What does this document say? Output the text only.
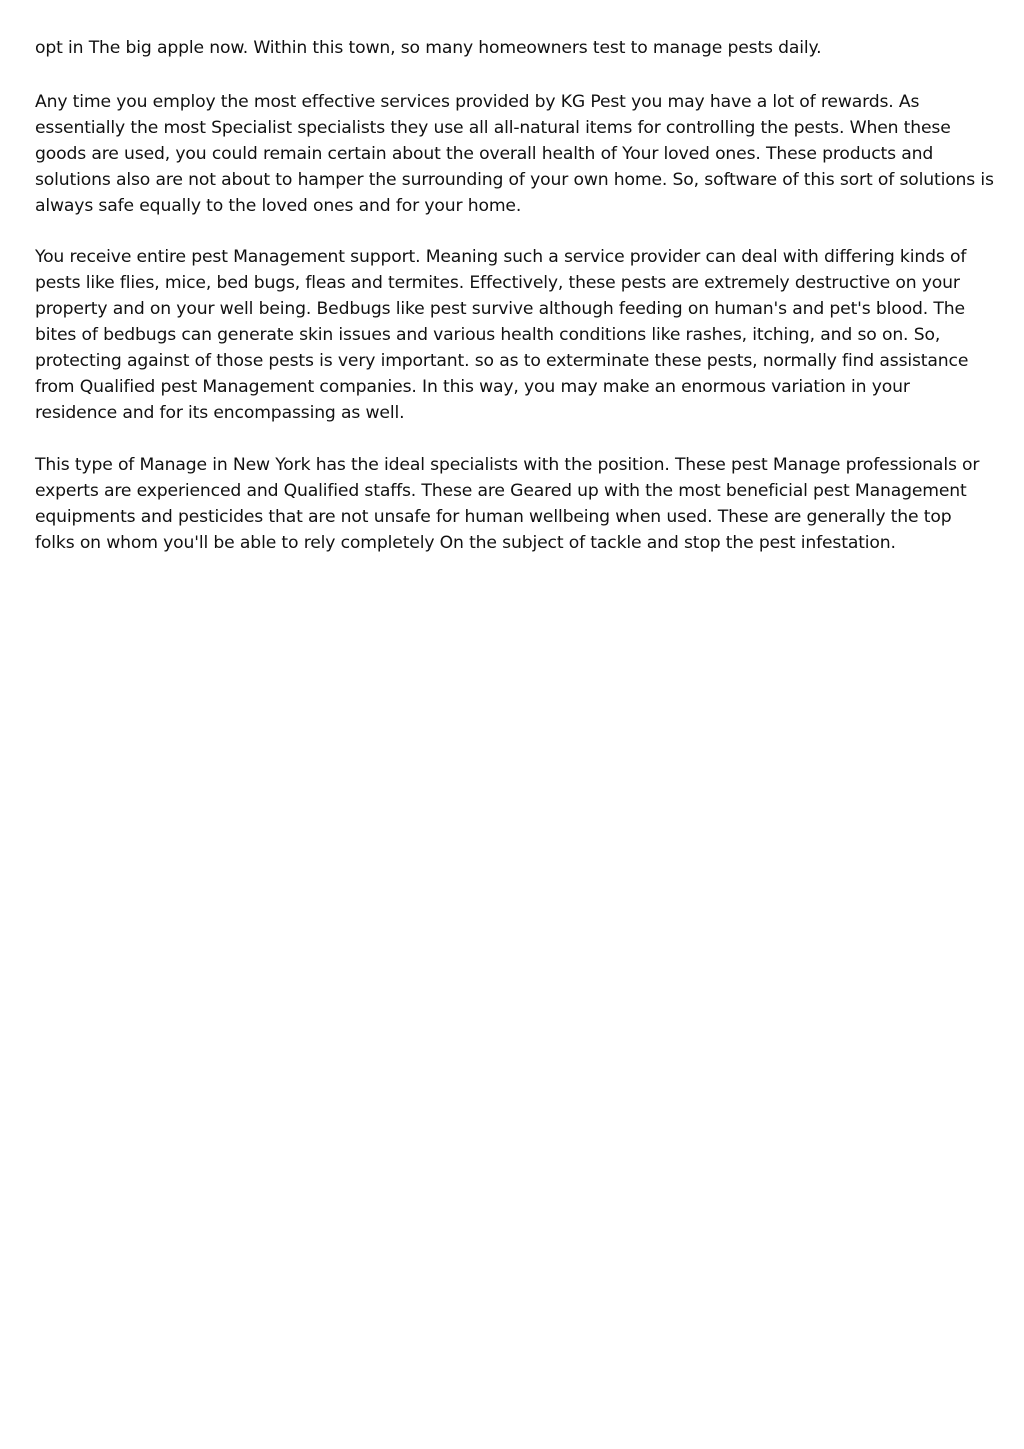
opt in The big apple now. Within this town, so many homeowners test to manage pests daily.

Any time you employ the most effective services provided by KG Pest you may have a lot of rewards. As essentially the most Specialist specialists they use all all-natural items for controlling the pests. When these goods are used, you could remain certain about the overall health of Your loved ones. These products and solutions also are not about to hamper the surrounding of your own home. So, software of this sort of solutions is always safe equally to the loved ones and for your home.

You receive entire pest Management support. Meaning such a service provider can deal with differing kinds of pests like flies, mice, bed bugs, fleas and termites. Effectively, these pests are extremely destructive on your property and on your well being. Bedbugs like pest survive although feeding on human's and pet's blood. The bites of bedbugs can generate skin issues and various health conditions like rashes, itching, and so on. So, protecting against of those pests is very important. so as to exterminate these pests, normally find assistance from Qualified pest Management companies. In this way, you may make an enormous variation in your residence and for its encompassing as well.

This type of Manage in New York has the ideal specialists with the position. These pest Manage professionals or experts are experienced and Qualified staffs. These are Geared up with the most beneficial pest Management equipments and pesticides that are not unsafe for human wellbeing when used. These are generally the top folks on whom you'll be able to rely completely On the subject of tackle and stop the pest infestation.
